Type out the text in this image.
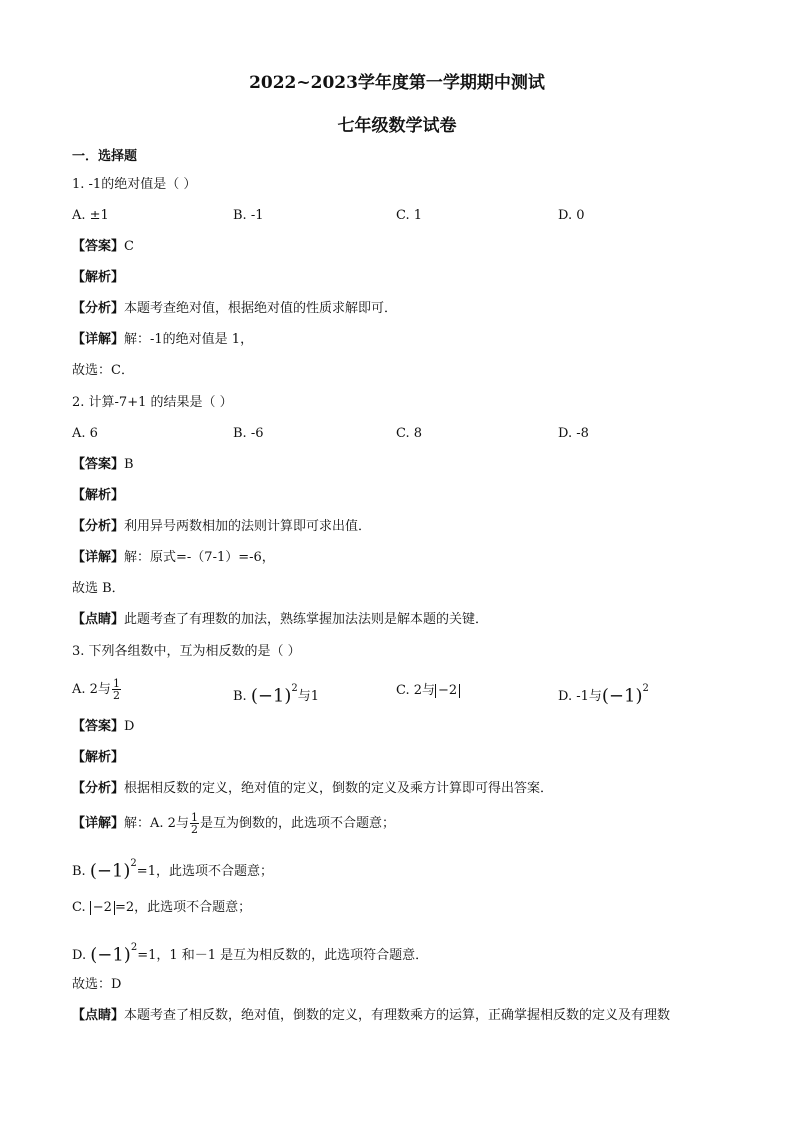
2022~2023学年度第一学期期中测试
七年级数学试卷
一．选择题
1. -1的绝对值是（ ）
A. ±1	B. -1	C. 1	D. 0
【答案】C
【解析】
【分析】本题考查绝对值，根据绝对值的性质求解即可．
【详解】解：-1的绝对值是 1，
故选：C．
2. 计算-7+1 的结果是（ ）
A. 6	B. -6	C. 8	D. -8
【答案】B
【解析】
【分析】利用异号两数相加的法则计算即可求出值．
【详解】解：原式=-（7-1）=-6，
故选 B．
【点睛】此题考查了有理数的加法，熟练掌握加法法则是解本题的关键．
3. 下列各组数中，互为相反数的是（ ）
A. 2与 $\frac{1}{2}$	B. $(-1)^2$与1	C. 2与 −2	D. -1与$(-1)^2$
【答案】D
【解析】
【分析】根据相反数的定义，绝对值的定义，倒数的定义及乘方计算即可得出答案．
【详解】解：A. 2与 $\frac{1}{2}$ 是互为倒数的，此选项不合题意；
B. $(-1)^2=1$，此选项不合题意；
C. −2 =2，此选项不合题意；
D. $(-1)^2=1$，1 和－1 是互为相反数的，此选项符合题意．
故选：D
【点睛】本题考查了相反数，绝对值，倒数的定义，有理数乘方的运算，正确掌握相反数的定义及有理数
